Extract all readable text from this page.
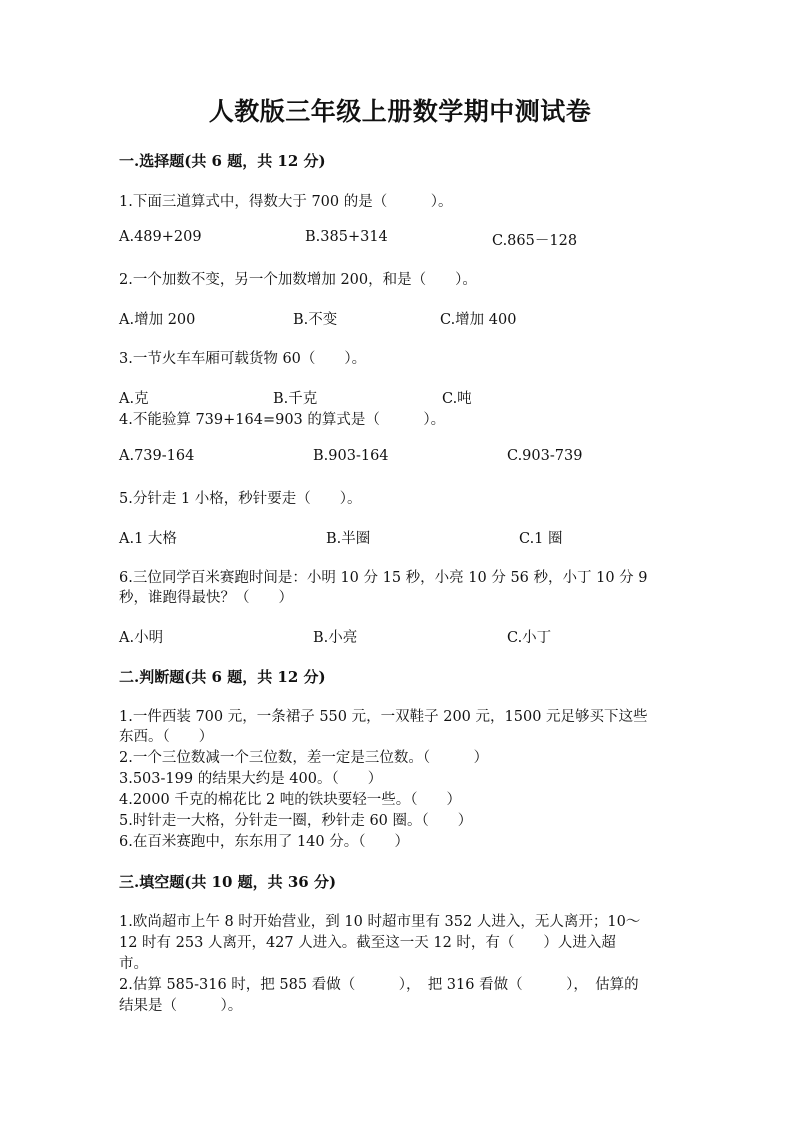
人教版三年级上册数学期中测试卷
一.选择题(共 6 题，共 12 分)
1.下面三道算式中，得数大于 700 的是（　　　）。
A.489+209	B.385+314	C.865－128
2.一个加数不变，另一个加数增加 200，和是（　　）。
A.增加 200	B.不变	C.增加 400
3.一节火车车厢可载货物 60（　　）。
A.克	B.千克	C.吨
4.不能验算 739+164=903 的算式是（　　　）。
A.739-164	B.903-164	C.903-739
5.分针走 1 小格，秒针要走（　　）。
A.1 大格	B.半圈	C.1 圈
6.三位同学百米赛跑时间是：小明 10 分 15 秒，小亮 10 分 56 秒，小丁 10 分 9
秒，谁跑得最快？（　　）
A.小明	B.小亮	C.小丁
二.判断题(共 6 题，共 12 分)
1.一件西装 700 元，一条裙子 550 元，一双鞋子 200 元，1500 元足够买下这些
东西。（　　）
2.一个三位数减一个三位数，差一定是三位数。（　　　）
3.503-199 的结果大约是 400。（　　）
4.2000 千克的棉花比 2 吨的铁块要轻一些。（　　）
5.时针走一大格，分针走一圈，秒针走 60 圈。（　　）
6.在百米赛跑中，东东用了 140 分。（　　）
三.填空题(共 10 题，共 36 分)
1.欧尚超市上午 8 时开始营业，到 10 时超市里有 352 人进入，无人离开；10～
12 时有 253 人离开，427 人进入。截至这一天 12 时，有（　　）人进入超
市。
2.估算 585-316 时，把 585 看做（　　　），　把 316 看做（　　　），　估算的
结果是（　　　）。
